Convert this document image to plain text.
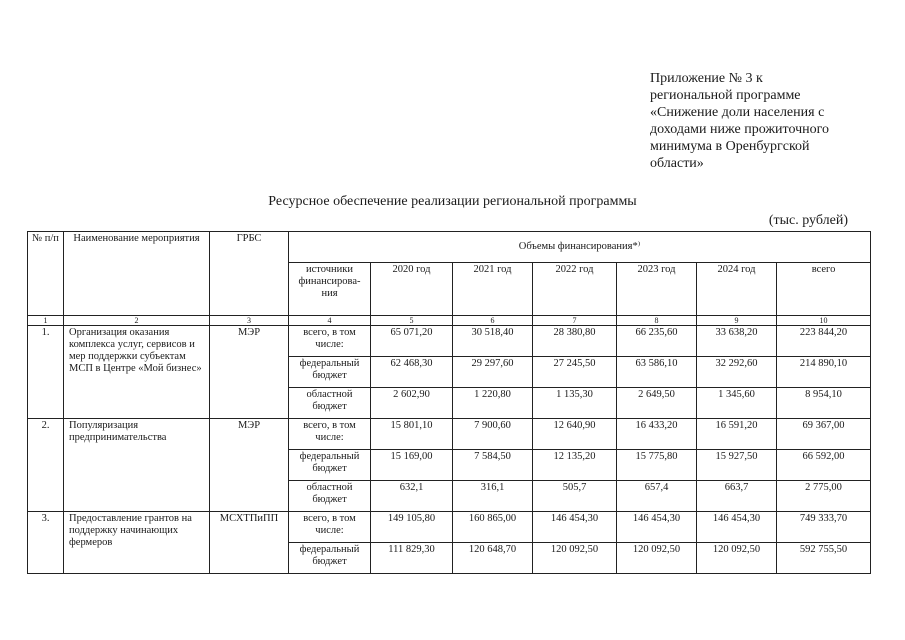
Приложение № 3 к
региональной программе
«Снижение доли населения с
доходами ниже прожиточного
минимума в Оренбургской
области»
Ресурсное обеспечение реализации региональной программы
(тыс. рублей)
№ п/п	Наименование мероприятия	ГРБС	Объемы финансирования*⁾						
			источники финансирова-ния	2020 год	2021 год	2022 год	2023 год	2024 год	всего
1	2	3	4	5	6	7	8	9	10
1.	Организация оказания комплекса услуг, сервисов и мер поддержки субъектам МСП в Центре «Мой бизнес»	МЭР	всего, в том числе:	65 071,20	30 518,40	28 380,80	66 235,60	33 638,20	223 844,20
			федеральный бюджет	62 468,30	29 297,60	27 245,50	63 586,10	32 292,60	214 890,10
			областной бюджет	2 602,90	1 220,80	1 135,30	2 649,50	1 345,60	8 954,10
2.	Популяризация предпринимательства	МЭР	всего, в том числе:	15 801,10	7 900,60	12 640,90	16 433,20	16 591,20	69 367,00
			федеральный бюджет	15 169,00	7 584,50	12 135,20	15 775,80	15 927,50	66 592,00
			областной бюджет	632,1	316,1	505,7	657,4	663,7	2 775,00
3.	Предоставление грантов на поддержку начинающих фермеров	МСХТПиПП	всего, в том числе:	149 105,80	160 865,00	146 454,30	146 454,30	146 454,30	749 333,70
			федеральный бюджет	111 829,30	120 648,70	120 092,50	120 092,50	120 092,50	592 755,50
